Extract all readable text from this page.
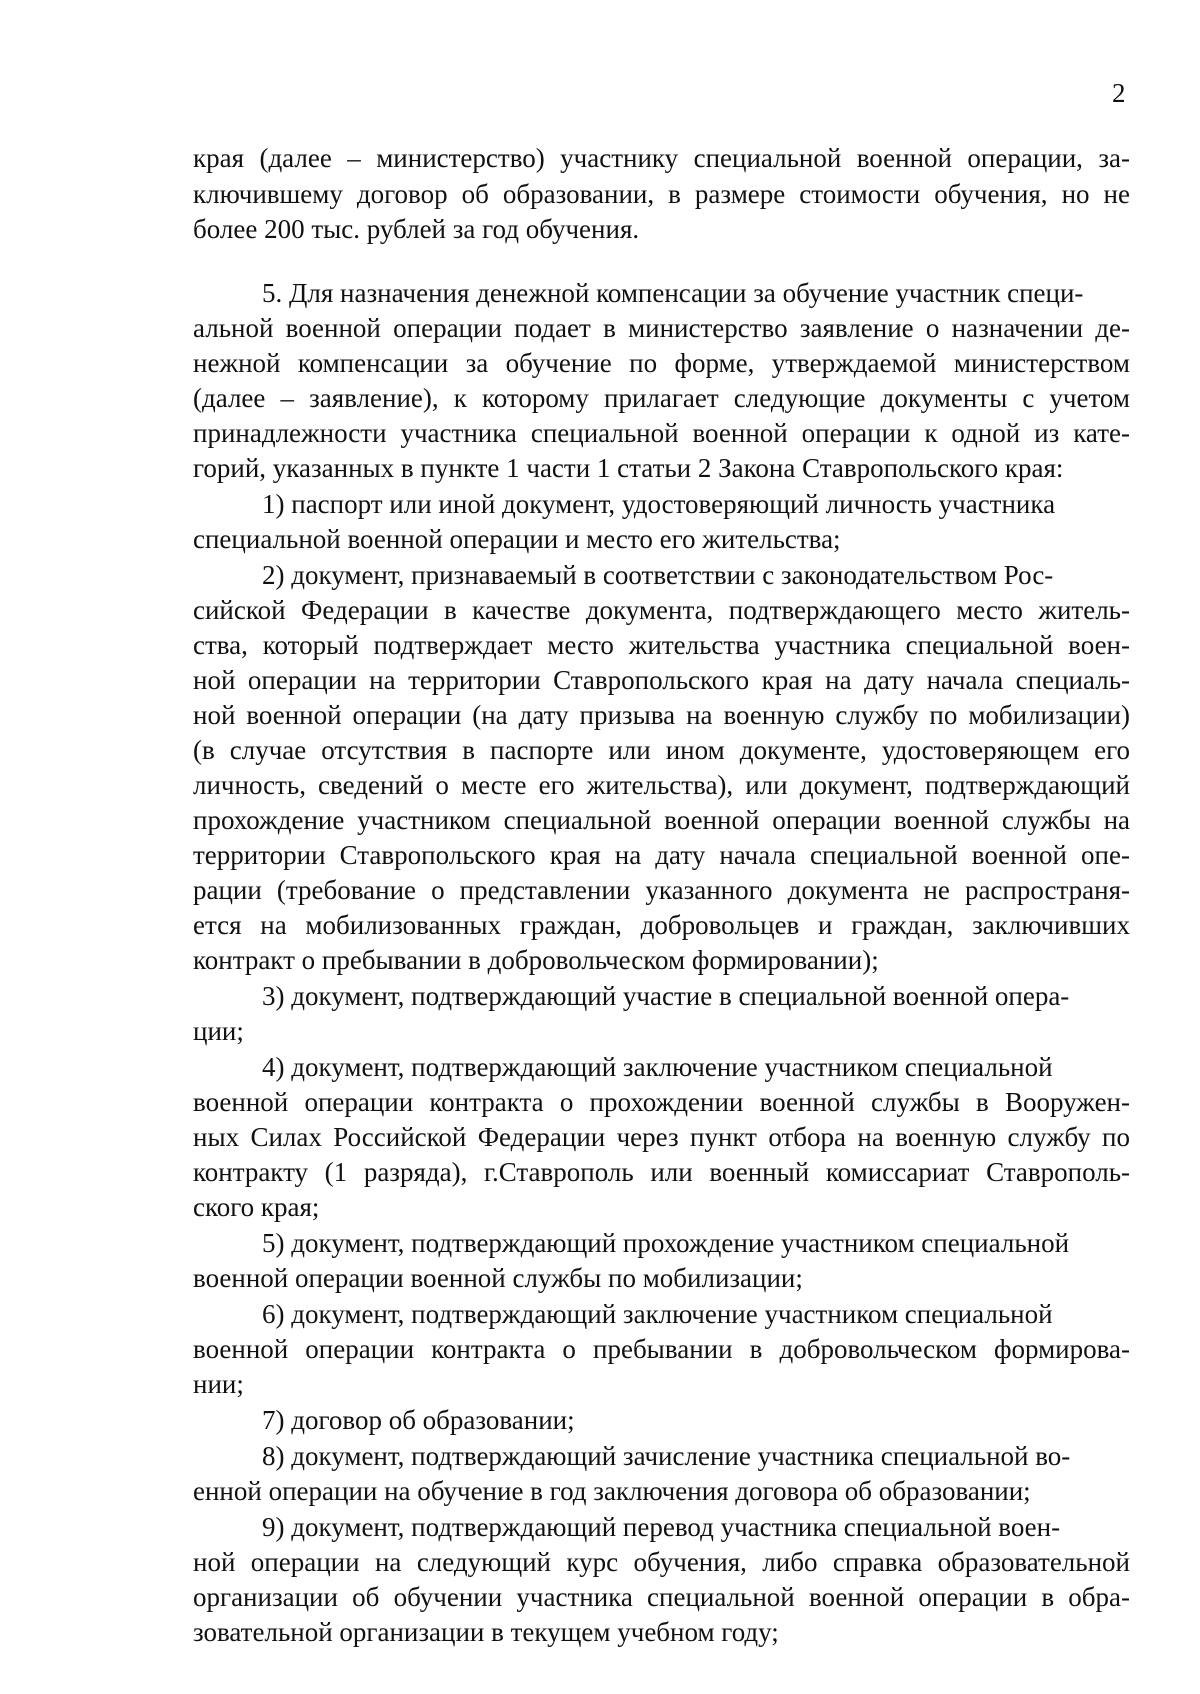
2
края (далее – министерство) участнику специальной военной операции, за-
ключившему договор об образовании, в размере стоимости обучения, но не
более 200 тыс. рублей за год обучения.
5. Для назначения денежной компенсации за обучение участник специ-
альной военной операции подает в министерство заявление о назначении де-
нежной компенсации за обучение по форме, утверждаемой министерством
(далее – заявление), к которому прилагает следующие документы с учетом
принадлежности участника специальной военной операции к одной из кате-
горий, указанных в пункте 1 части 1 статьи 2 Закона Ставропольского края:
1) паспорт или иной документ, удостоверяющий личность участника
специальной военной операции и место его жительства;
2) документ, признаваемый в соответствии с законодательством Рос-
сийской Федерации в качестве документа, подтверждающего место житель-
ства, который подтверждает место жительства участника специальной воен-
ной операции на территории Ставропольского края на дату начала специаль-
ной военной операции (на дату призыва на военную службу по мобилизации)
(в случае отсутствия в паспорте или ином документе, удостоверяющем его
личность, сведений о месте его жительства), или документ, подтверждающий
прохождение участником специальной военной операции военной службы на
территории Ставропольского края на дату начала специальной военной опе-
рации (требование о представлении указанного документа не распространя-
ется на мобилизованных граждан, добровольцев и граждан, заключивших
контракт о пребывании в добровольческом формировании);
3) документ, подтверждающий участие в специальной военной опера-
ции;
4) документ, подтверждающий заключение участником специальной
военной операции контракта о прохождении военной службы в Вооружен-
ных Силах Российской Федерации через пункт отбора на военную службу по
контракту (1 разряда), г.Ставрополь или военный комиссариат Ставрополь-
ского края;
5) документ, подтверждающий прохождение участником специальной
военной операции военной службы по мобилизации;
6) документ, подтверждающий заключение участником специальной
военной операции контракта о пребывании в добровольческом формирова-
нии;
7) договор об образовании;
8) документ, подтверждающий зачисление участника специальной во-
енной операции на обучение в год заключения договора об образовании;
9) документ, подтверждающий перевод участника специальной воен-
ной операции на следующий курс обучения, либо справка образовательной
организации об обучении участника специальной военной операции в обра-
зовательной организации в текущем учебном году;
